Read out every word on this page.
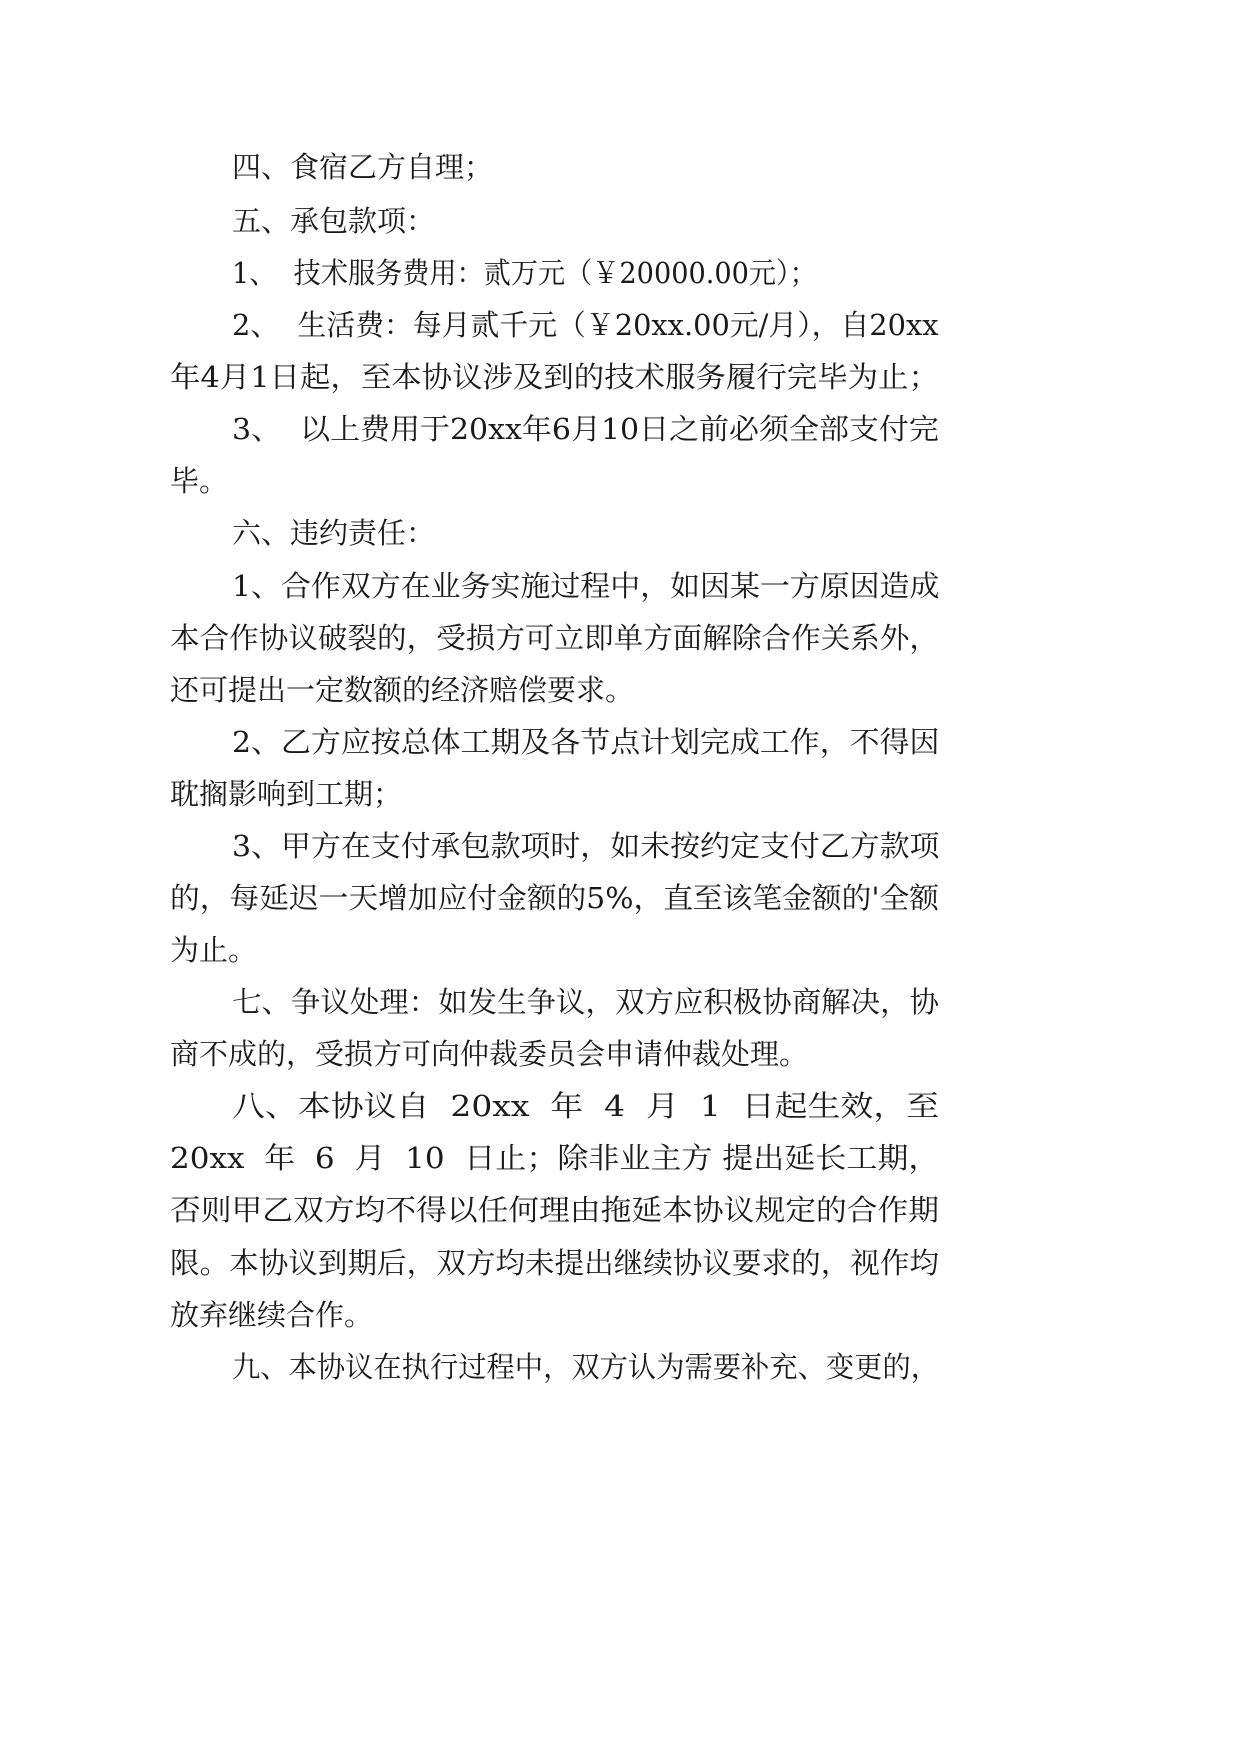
四、食宿乙方自理；
五、承包款项：
1、  技术服务费用：贰万元（￥20000.00元）；
2、  生活费：每月贰千元（￥20xx.00元/月），自20xx
年4月1日起，至本协议涉及到的技术服务履行完毕为止；
3、  以上费用于20xx年6月10日之前必须全部支付完
毕。
六、违约责任：
1、合作双方在业务实施过程中，如因某一方原因造成
本合作协议破裂的，受损方可立即单方面解除合作关系外，
还可提出一定数额的经济赔偿要求。
2、乙方应按总体工期及各节点计划完成工作，不得因
耽搁影响到工期；
3、甲方在支付承包款项时，如未按约定支付乙方款项
的，每延迟一天增加应付金额的5%，直至该笔金额的'全额
为止。
七、争议处理：如发生争议，双方应积极协商解决，协
商不成的，受损方可向仲裁委员会申请仲裁处理。
八、本协议自  20xx  年  4  月  1  日起生效，至
20xx  年  6  月  10  日止；除非业主方 提出延长工期，
否则甲乙双方均不得以任何理由拖延本协议规定的合作期
限。本协议到期后，双方均未提出继续协议要求的，视作均
放弃继续合作。
九、本协议在执行过程中，双方认为需要补充、变更的，
